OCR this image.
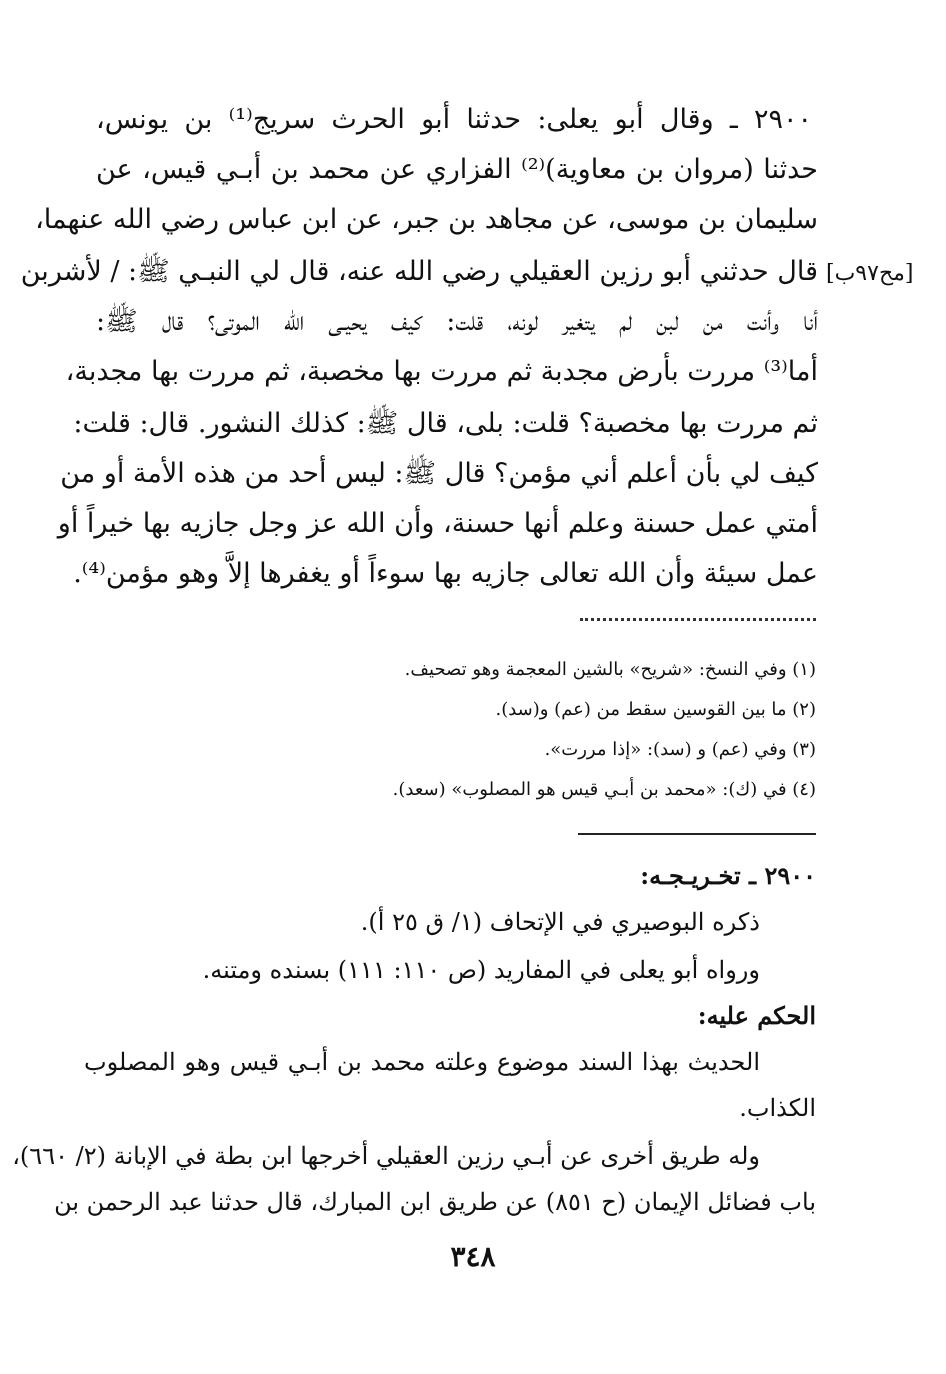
٢٩٠٠ ـ وقال أبو يعلى: حدثنا أبو الحرث سريج⁽¹⁾ بن يونس،
حدثنا (مروان بن معاوية)⁽²⁾ الفزاري عن محمد بن أبـي قيس، عن
سليمان بن موسى، عن مجاهد بن جبر، عن ابن عباس رضي الله عنهما،
قال حدثني أبو رزين العقيلي رضي الله عنه، قال لي النبـي ﷺ: / لأشربن [مح٩٧ب]
أنا وأنت من لبن لم يتغير لونه، قلت: كيف يحيـى الله الموتى؟ قال ﷺ:
أما⁽³⁾ مررت بأرض مجدبة ثم مررت بها مخصبة، ثم مررت بها مجدبة،
ثم مررت بها مخصبة؟ قلت: بلى، قال ﷺ: كذلك النشور. قال: قلت:
كيف لي بأن أعلم أني مؤمن؟ قال ﷺ: ليس أحد من هذه الأمة أو من
أمتي عمل حسنة وعلم أنها حسنة، وأن الله عز وجل جازيه بها خيراً أو
عمل سيئة وأن الله تعالى جازيه بها سوءاً أو يغفرها إلاَّ وهو مؤمن⁽⁴⁾.
(١) وفي النسخ: «شريح» بالشين المعجمة وهو تصحيف.
(٢) ما بين القوسين سقط من (عم) و(سد).
(٣) وفي (عم) و (سد): «إذا مررت».
(٤) في (ك): «محمد بن أبـي قيس هو المصلوب» (سعد).
٢٩٠٠ ـ تخـريـجـه:
ذكره البوصيري في الإتحاف (١/ ق ٢٥ أ).
ورواه أبو يعلى في المفاريد (ص ١١٠: ١١١) بسنده ومتنه.
الحكم عليه:
الحديث بهذا السند موضوع وعلته محمد بن أبـي قيس وهو المصلوب
الكذاب.
وله طريق أخرى عن أبـي رزين العقيلي أخرجها ابن بطة في الإبانة (٢/ ٦٦٠)،
باب فضائل الإيمان (ح ٨٥١) عن طريق ابن المبارك، قال حدثنا عبد الرحمن بن
٣٤٨
